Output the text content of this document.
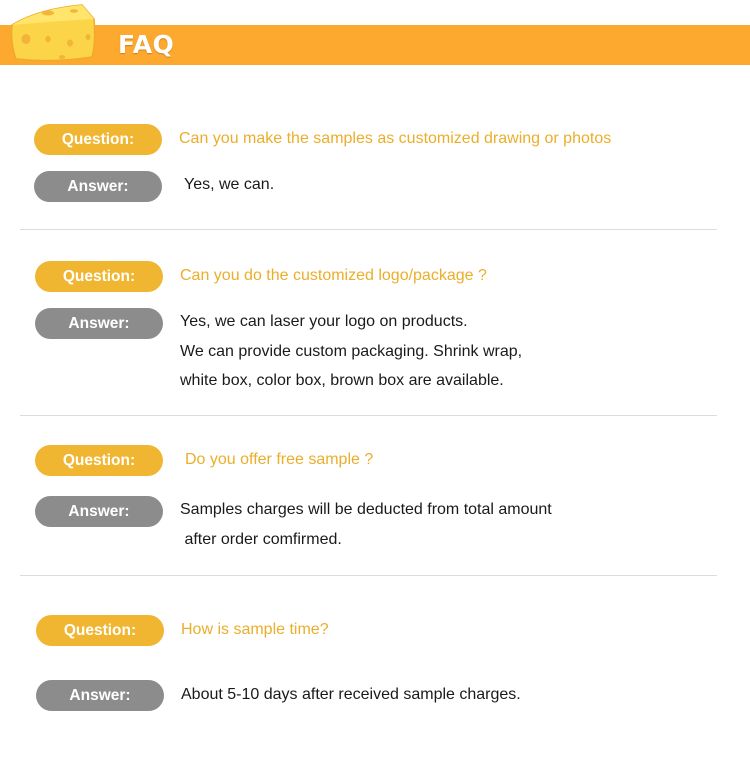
FAQ
Question:	Can you make the samples as customized drawing or photos
Answer:	Yes, we can.
Question:	Can you do the customized logo/package ?
Answer:	Yes, we can laser your logo on products.
We can provide custom packaging. Shrink wrap,
white box, color box, brown box are available.
Question:	Do you offer free sample ?
Answer:	Samples charges will be deducted from total amount
after order comfirmed.
Question:	How is sample time?
Answer:	About 5-10 days after received sample charges.
